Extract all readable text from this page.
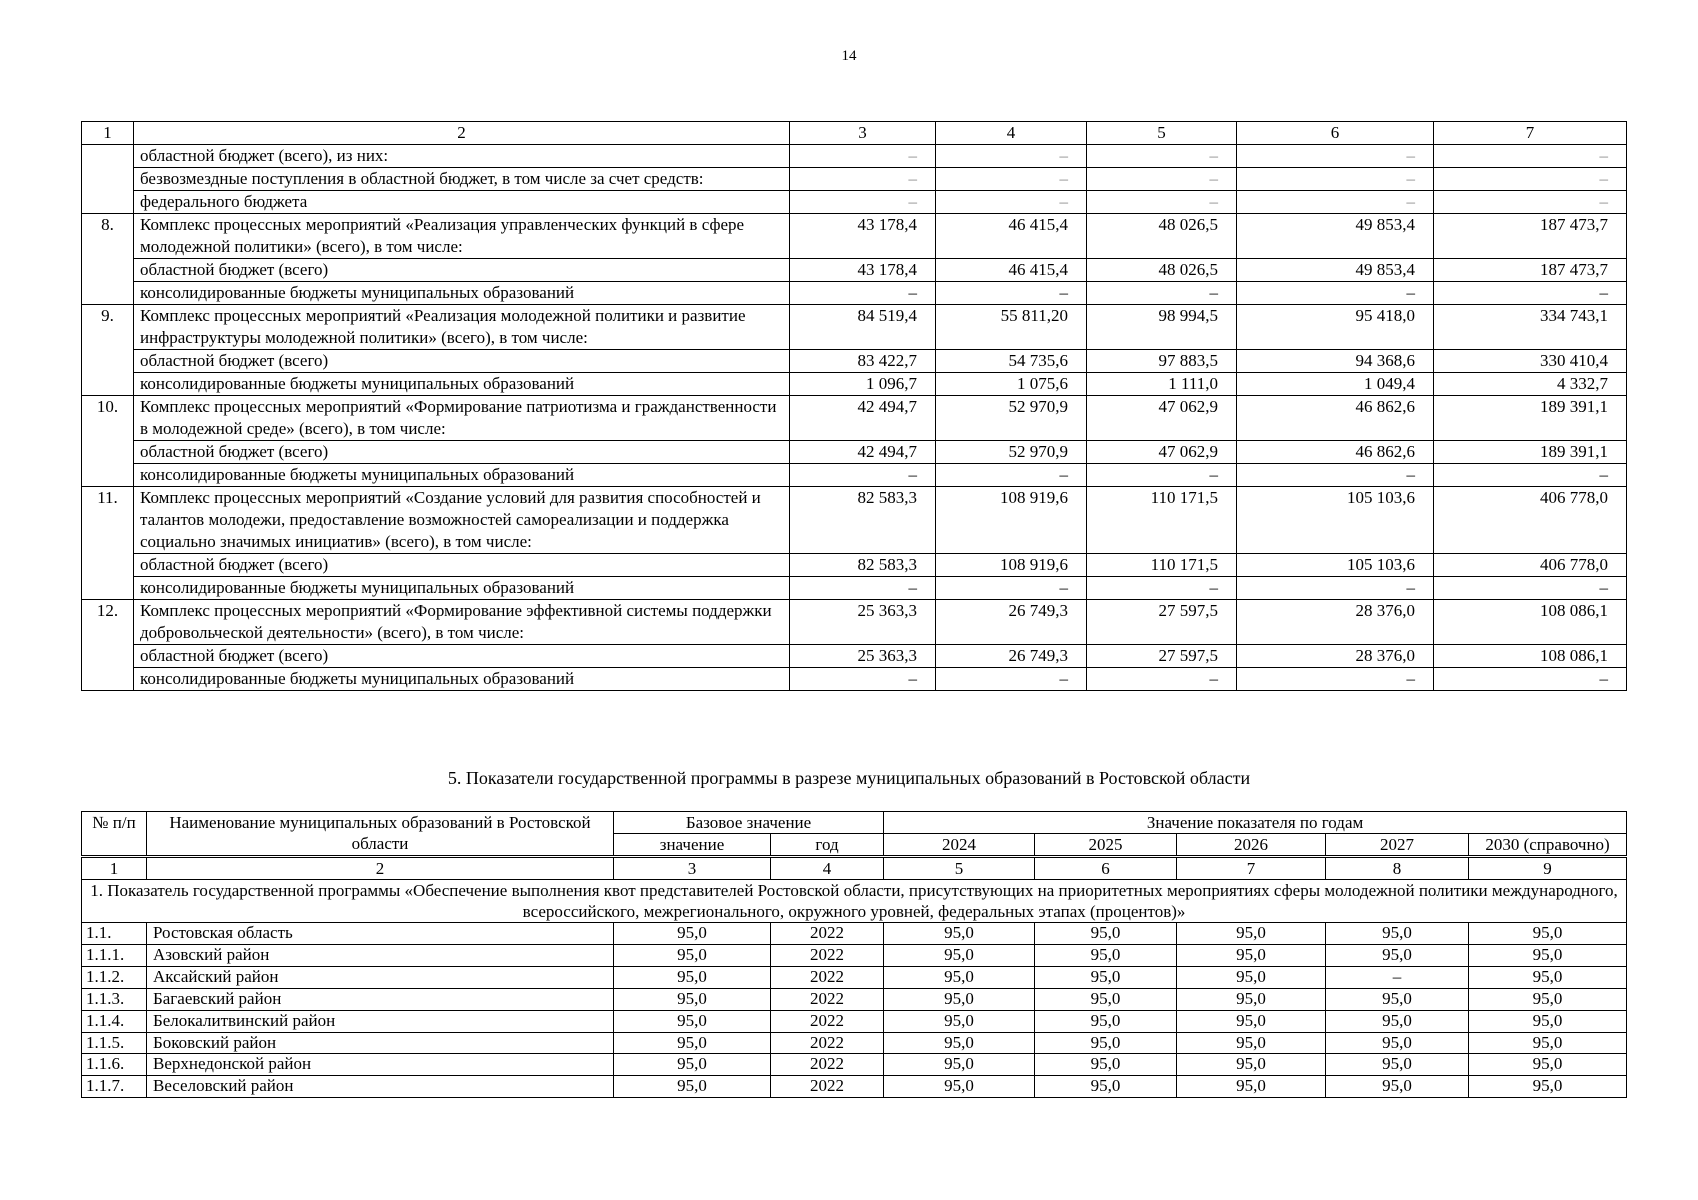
14
1	2	3	4	5	6	7
	областной бюджет (всего), из них:	–	–	–	–	–
	безвозмездные поступления в областной бюджет, в том числе за счет средств:	–	–	–	–	–
	федерального бюджета	–	–	–	–	–
8.	Комплекс процессных мероприятий «Реализация управленческих функций в сфере молодежной политики» (всего), в том числе:	43 178,4	46 415,4	48 026,5	49 853,4	187 473,7
	областной бюджет (всего)	43 178,4	46 415,4	48 026,5	49 853,4	187 473,7
	консолидированные бюджеты муниципальных образований	–	–	–	–	–
9.	Комплекс процессных мероприятий «Реализация молодежной политики и развитие инфраструктуры молодежной политики» (всего), в том числе:	84 519,4	55 811,20	98 994,5	95 418,0	334 743,1
	областной бюджет (всего)	83 422,7	54 735,6	97 883,5	94 368,6	330 410,4
	консолидированные бюджеты муниципальных образований	1 096,7	1 075,6	1 111,0	1 049,4	4 332,7
10.	Комплекс процессных мероприятий «Формирование патриотизма и гражданственности в молодежной среде» (всего), в том числе:	42 494,7	52 970,9	47 062,9	46 862,6	189 391,1
	областной бюджет (всего)	42 494,7	52 970,9	47 062,9	46 862,6	189 391,1
	консолидированные бюджеты муниципальных образований	–	–	–	–	–
11.	Комплекс процессных мероприятий «Создание условий для развития способностей и талантов молодежи, предоставление возможностей самореализации и поддержка социально значимых инициатив» (всего), в том числе:	82 583,3	108 919,6	110 171,5	105 103,6	406 778,0
	областной бюджет (всего)	82 583,3	108 919,6	110 171,5	105 103,6	406 778,0
	консолидированные бюджеты муниципальных образований	–	–	–	–	–
12.	Комплекс процессных мероприятий «Формирование эффективной системы поддержки добровольческой деятельности» (всего), в том числе:	25 363,3	26 749,3	27 597,5	28 376,0	108 086,1
	областной бюджет (всего)	25 363,3	26 749,3	27 597,5	28 376,0	108 086,1
	консолидированные бюджеты муниципальных образований	–	–	–	–	–
5. Показатели государственной программы в разрезе муниципальных образований в Ростовской области
№ п/п	Наименование муниципальных образований в Ростовской области	Базовое значение		Значение показателя по годам				
		значение	год	2024	2025	2026	2027	2030 (справочно)
1	2	3	4	5	6	7	8	9
1. Показатель государственной программы «Обеспечение выполнения квот представителей Ростовской области, присутствующих на приоритетных мероприятиях сферы молодежной политики международного, всероссийского, межрегионального, окружного уровней, федеральных этапах (процентов)»								
1.1.	Ростовская область	95,0	2022	95,0	95,0	95,0	95,0	95,0
1.1.1.	Азовский район	95,0	2022	95,0	95,0	95,0	95,0	95,0
1.1.2.	Аксайский район	95,0	2022	95,0	95,0	95,0	–	95,0
1.1.3.	Багаевский район	95,0	2022	95,0	95,0	95,0	95,0	95,0
1.1.4.	Белокалитвинский район	95,0	2022	95,0	95,0	95,0	95,0	95,0
1.1.5.	Боковский район	95,0	2022	95,0	95,0	95,0	95,0	95,0
1.1.6.	Верхнедонской район	95,0	2022	95,0	95,0	95,0	95,0	95,0
1.1.7.	Веселовский район	95,0	2022	95,0	95,0	95,0	95,0	95,0
